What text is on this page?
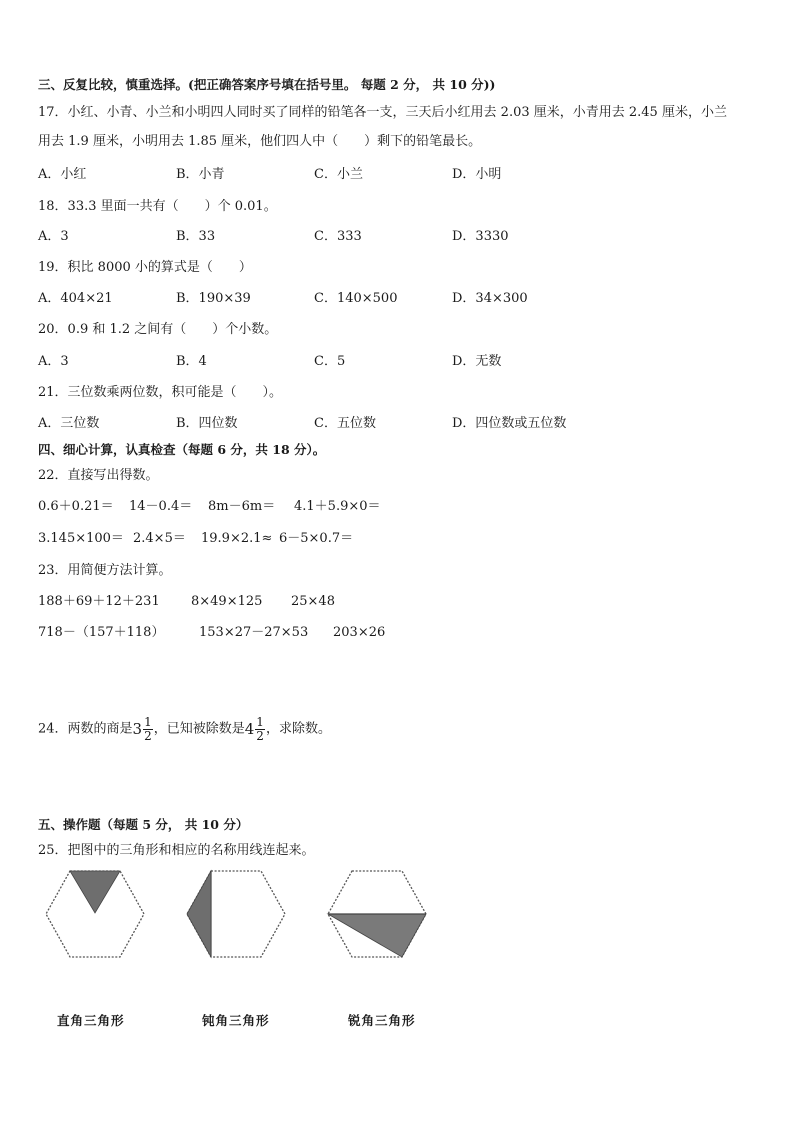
三、反复比较，慎重选择。(把正确答案序号填在括号里。 每题 2 分， 共 10 分))
17．小红、小青、小兰和小明四人同时买了同样的铅笔各一支，三天后小红用去 2.03 厘米，小青用去 2.45 厘米，小兰
用去 1.9 厘米，小明用去 1.85 厘米，他们四人中（　　）剩下的铅笔最长。
A．小红	B．小青	C．小兰	D．小明
18．33.3 里面一共有（　　）个 0.01。
A．3	B．33	C．333	D．3330
19．积比 8000 小的算式是（　　）
A．404×21	B．190×39	C．140×500	D．34×300
20．0.9 和 1.2 之间有（　　）个小数。
A．3	B．4	C．5	D．无数
21．三位数乘两位数，积可能是（　　）。
A．三位数	B．四位数	C．五位数	D．四位数或五位数
四、细心计算，认真检查（每题 6 分，共 18 分）。
22．直接写出得数。
0.6＋0.21＝ 14－0.4＝ 8m－6m＝ 4.1＋5.9×0＝
3.145×100＝ 2.4×5＝ 19.9×2.1≈ 6－5×0.7＝
23．用简便方法计算。
188＋69＋12＋231 8×49×125 25×48
718－（157＋118）	153×27－27×53 203×26
24．两数的商是$3 \frac{1}{2}$ ，已知被除数是$4 \frac{1}{2}$ ，求除数。
五、操作题（每题 5 分， 共 10 分）
25．把图中的三角形和相应的名称用线连起来。
直角三角形	钝角三角形	锐角三角形
